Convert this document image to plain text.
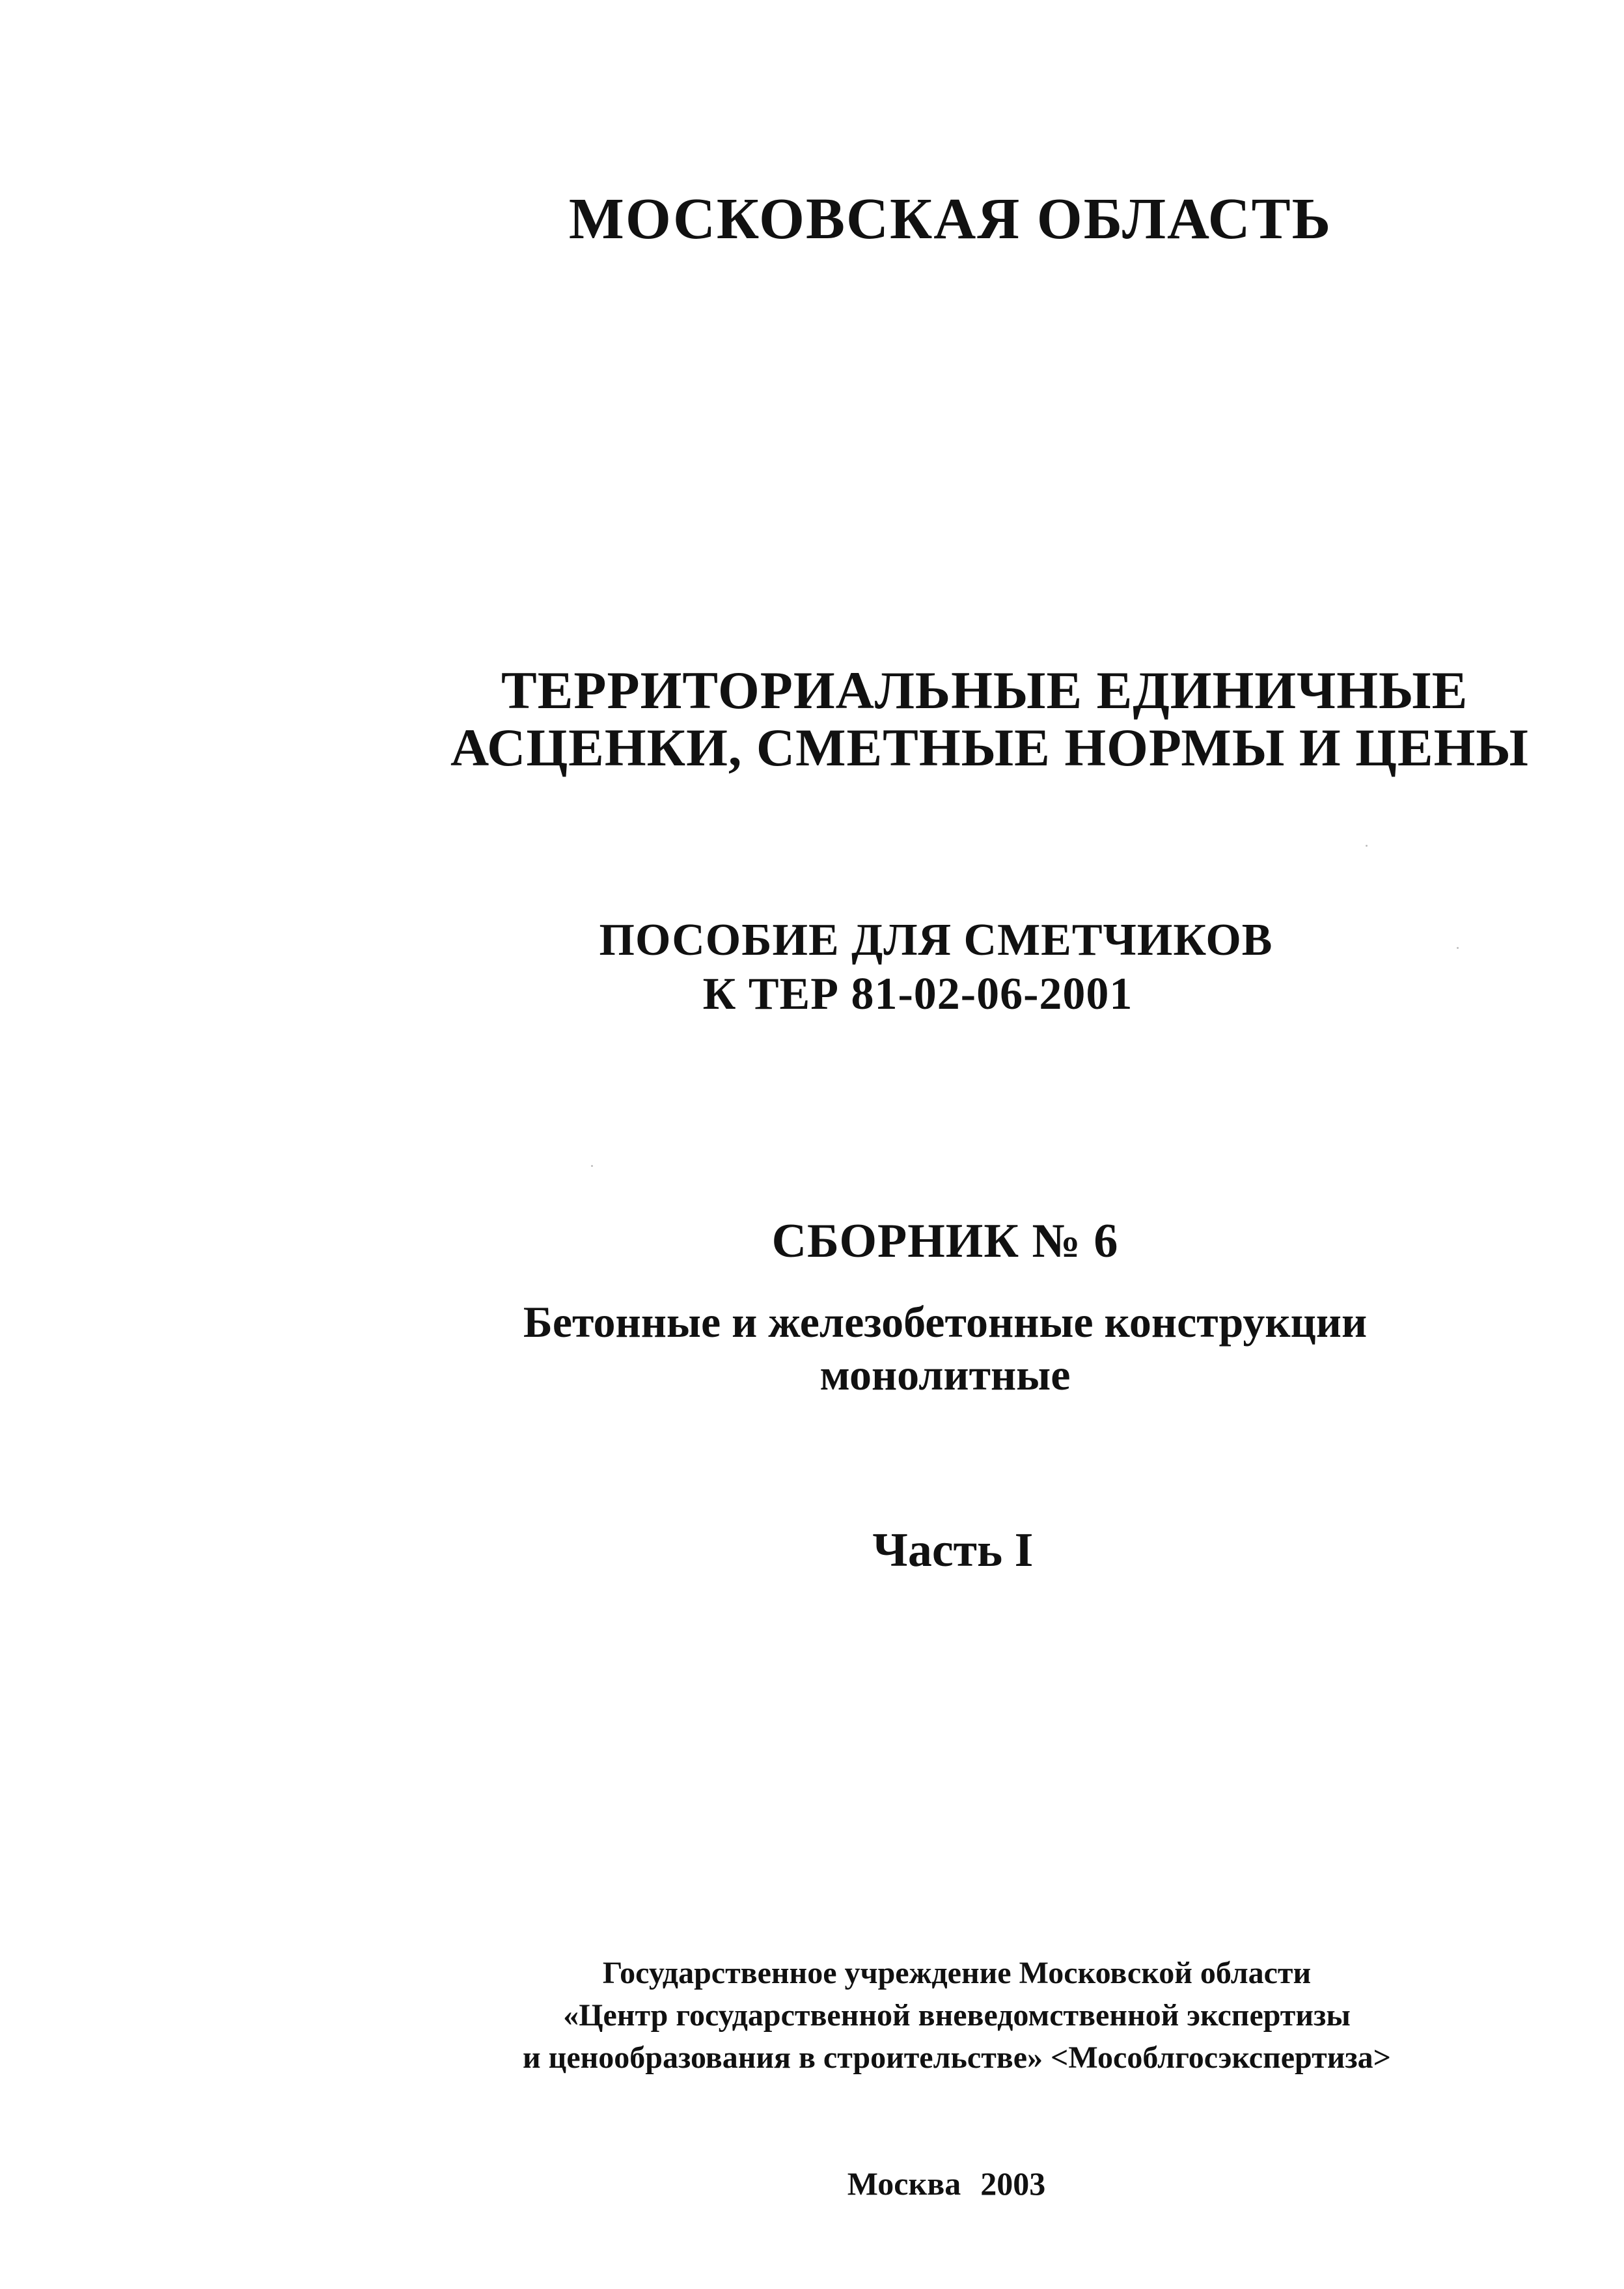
МОСКОВСКАЯ ОБЛАСТЬ
ТЕРРИТОРИАЛЬНЫЕ ЕДИНИЧНЫЕ
АСЦЕНКИ, СМЕТНЫЕ НОРМЫ И ЦЕНЫ
ПОСОБИЕ ДЛЯ СМЕТЧИКОВ
К ТЕР 81-02-06-2001
СБОРНИК № 6
Бетонные и железобетонные конструкции
монолитные
Часть I
Государственное учреждение Московской области
«Центр государственной вневедомственной экспертизы
и ценообразования в строительстве» <Мособлгосэкспертиза>
Москва 2003
